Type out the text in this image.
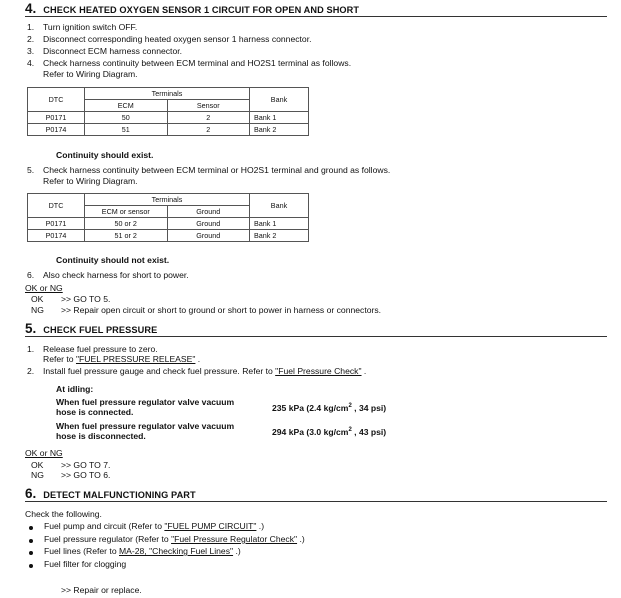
4. CHECK HEATED OXYGEN SENSOR 1 CIRCUIT FOR OPEN AND SHORT
1. Turn ignition switch OFF.
2. Disconnect corresponding heated oxygen sensor 1 harness connector.
3. Disconnect ECM harness connector.
4. Check harness continuity between ECM terminal and HO2S1 terminal as follows.
Refer to Wiring Diagram.
DTC	Terminals		Bank
	ECM	Sensor	
P0171	50	2	Bank 1
P0174	51	2	Bank 2
Continuity should exist.
5. Check harness continuity between ECM terminal or HO2S1 terminal and ground as follows.
Refer to Wiring Diagram.
DTC	Terminals		Bank
	ECM or sensor	Ground	
P0171	50 or 2	Ground	Bank 1
P0174	51 or 2	Ground	Bank 2
Continuity should not exist.
6. Also check harness for short to power.
OK or NG
OK >> GO TO 5.
NG >> Repair open circuit or short to ground or short to power in harness or connectors.
5. CHECK FUEL PRESSURE
1. Release fuel pressure to zero.
Refer to "FUEL PRESSURE RELEASE" .
2. Install fuel pressure gauge and check fuel pressure. Refer to "Fuel Pressure Check" .
At idling:
When fuel pressure regulator valve vacuum
hose is connected.	235 kPa (2.4 $kg/cm^2$ , 34 psi)
When fuel pressure regulator valve vacuum
hose is disconnected.	294 kPa (3.0 $kg/cm^2$ , 43 psi)
OK or NG
OK >> GO TO 7.
NG >> GO TO 6.
6. DETECT MALFUNCTIONING PART
Check the following.
Fuel pump and circuit (Refer to "FUEL PUMP CIRCUIT" .)
Fuel pressure regulator (Refer to "Fuel Pressure Regulator Check" .)
Fuel lines (Refer to MA-28, "Checking Fuel Lines" .)
Fuel filter for clogging
>> Repair or replace.
